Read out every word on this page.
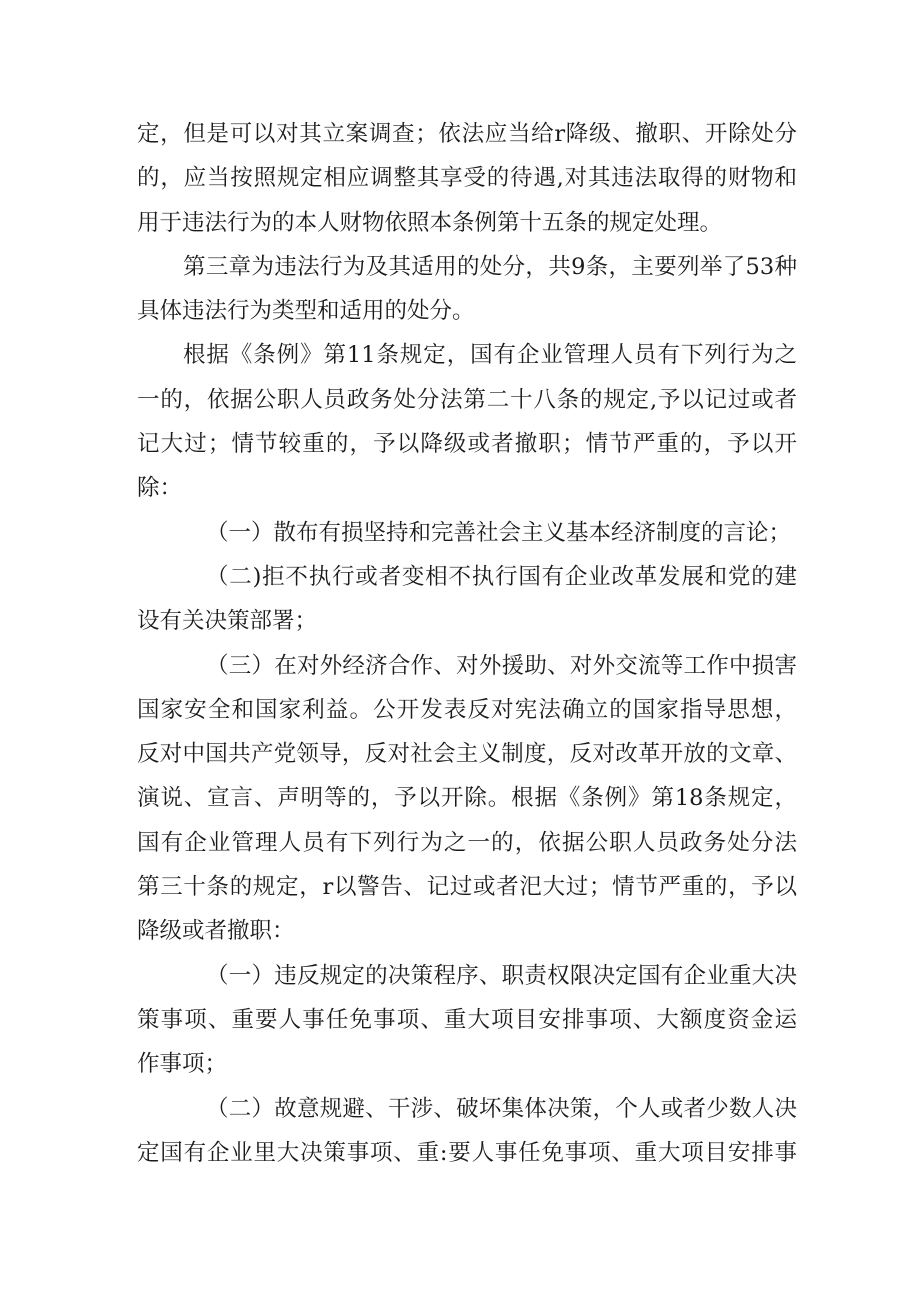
定，但是可以对其立案调查；依法应当给r降级、撤职、开除处分
的，应当按照规定相应调整其享受的待遇,对其违法取得的财物和
用于违法行为的本人财物依照本条例第十五条的规定处理。
第三章为违法行为及其适用的处分，共9条，主要列举了53种
具体违法行为类型和适用的处分。
根据《条例》第11条规定，国有企业管理人员有下列行为之
一的，依据公职人员政务处分法第二十八条的规定,予以记过或者
记大过；情节较重的，予以降级或者撤职；情节严重的，予以开
除：
（一）散布有损坚持和完善社会主义基本经济制度的言论；
（二)拒不执行或者变相不执行国有企业改革发展和党的建
设有关决策部署；
（三）在对外经济合作、对外援助、对外交流等工作中损害
国家安全和国家利益。公开发表反对宪法确立的国家指导思想，
反对中国共产党领导，反对社会主义制度，反对改革开放的文章、
演说、宣言、声明等的，予以开除。根据《条例》第18条规定，
国有企业管理人员有下列行为之一的，依据公职人员政务处分法
第三十条的规定，r以警告、记过或者汜大过；情节严重的，予以
降级或者撤职：
（一）违反规定的决策程序、职责权限决定国有企业重大决
策事项、重要人事任免事项、重大项目安排事项、大额度资金运
作事项；
（二）故意规避、干涉、破坏集体决策，个人或者少数人决
定国有企业里大决策事项、重:要人事任免事项、重大项目安排事
